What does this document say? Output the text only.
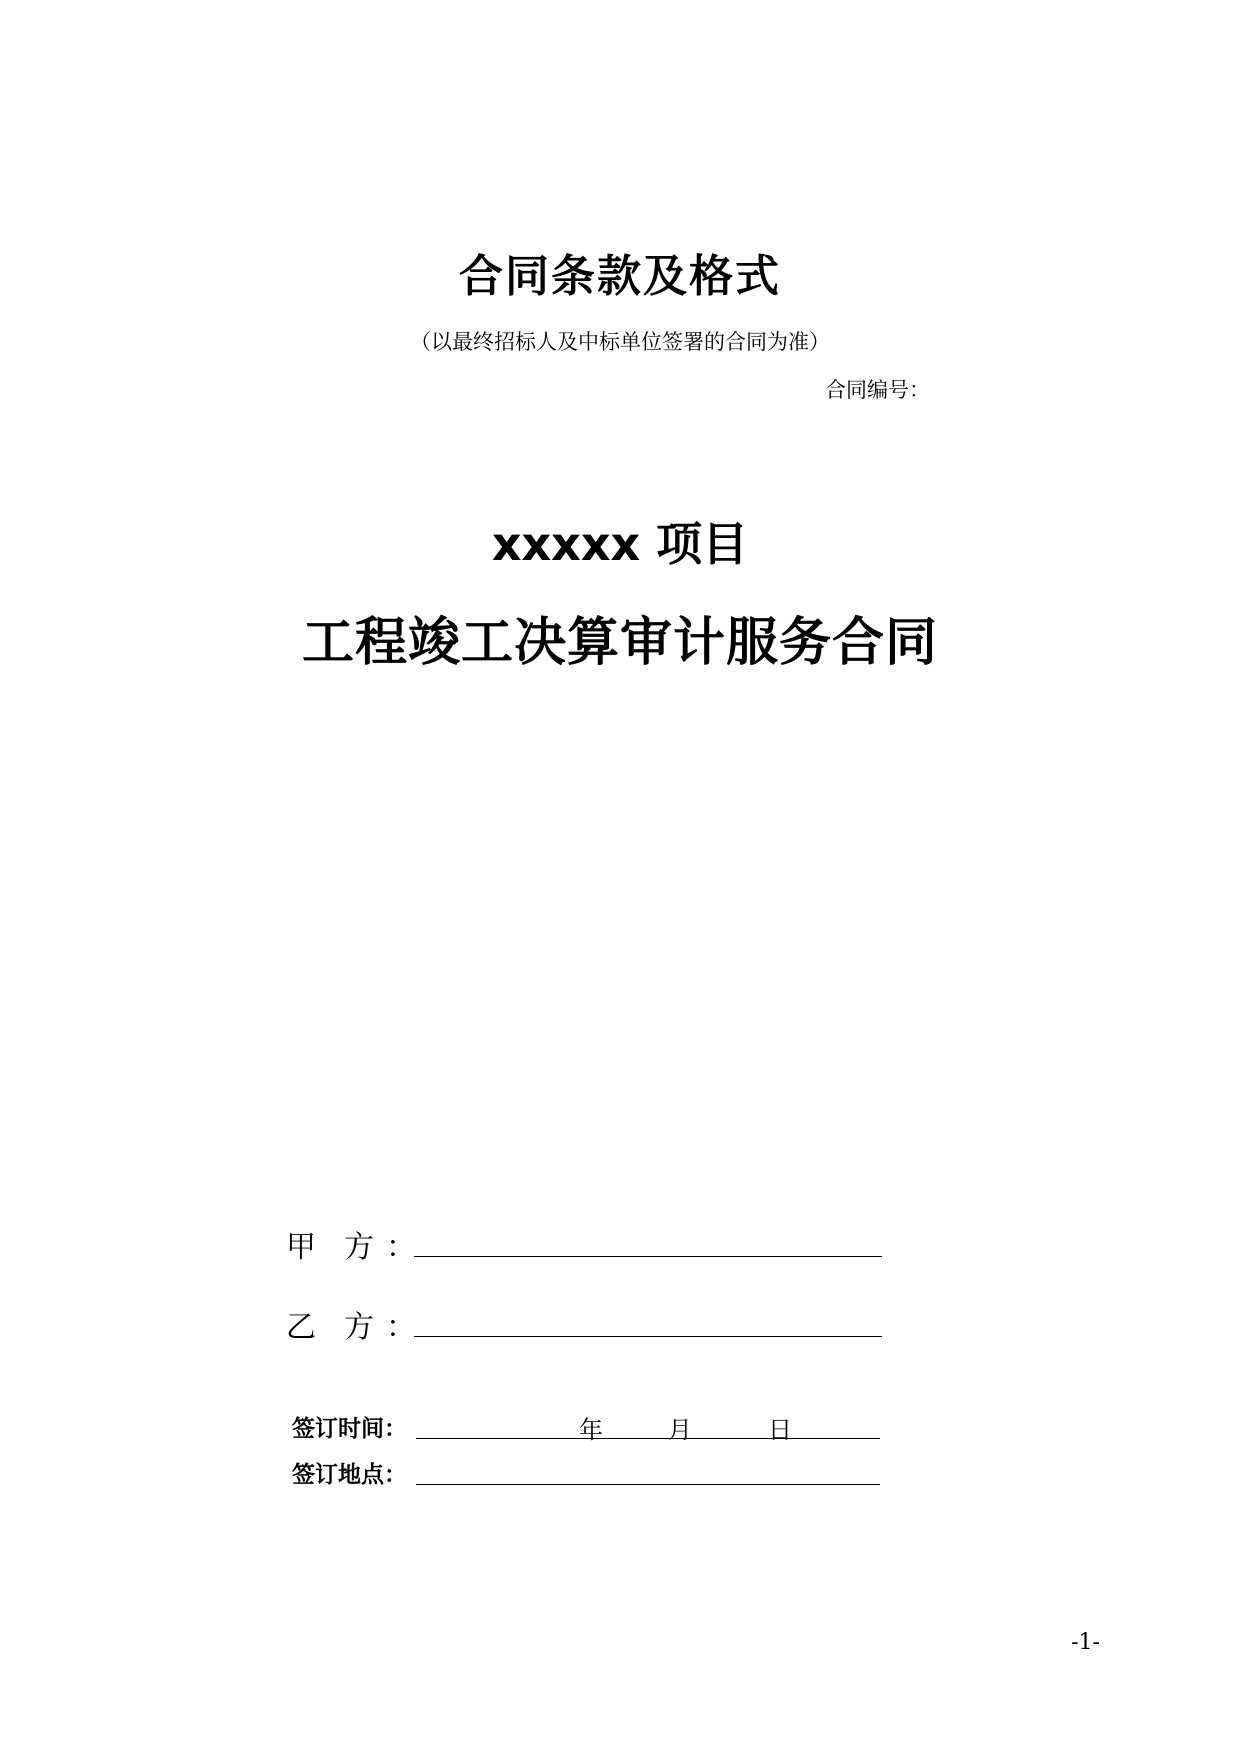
合同条款及格式
（以最终招标人及中标单位签署的合同为准）
合同编号：
xxxxx 项目
工程竣工决算审计服务合同
甲 方 ：
乙 方 ：
签订时间：	年	月	日
签订地点：
-1-
